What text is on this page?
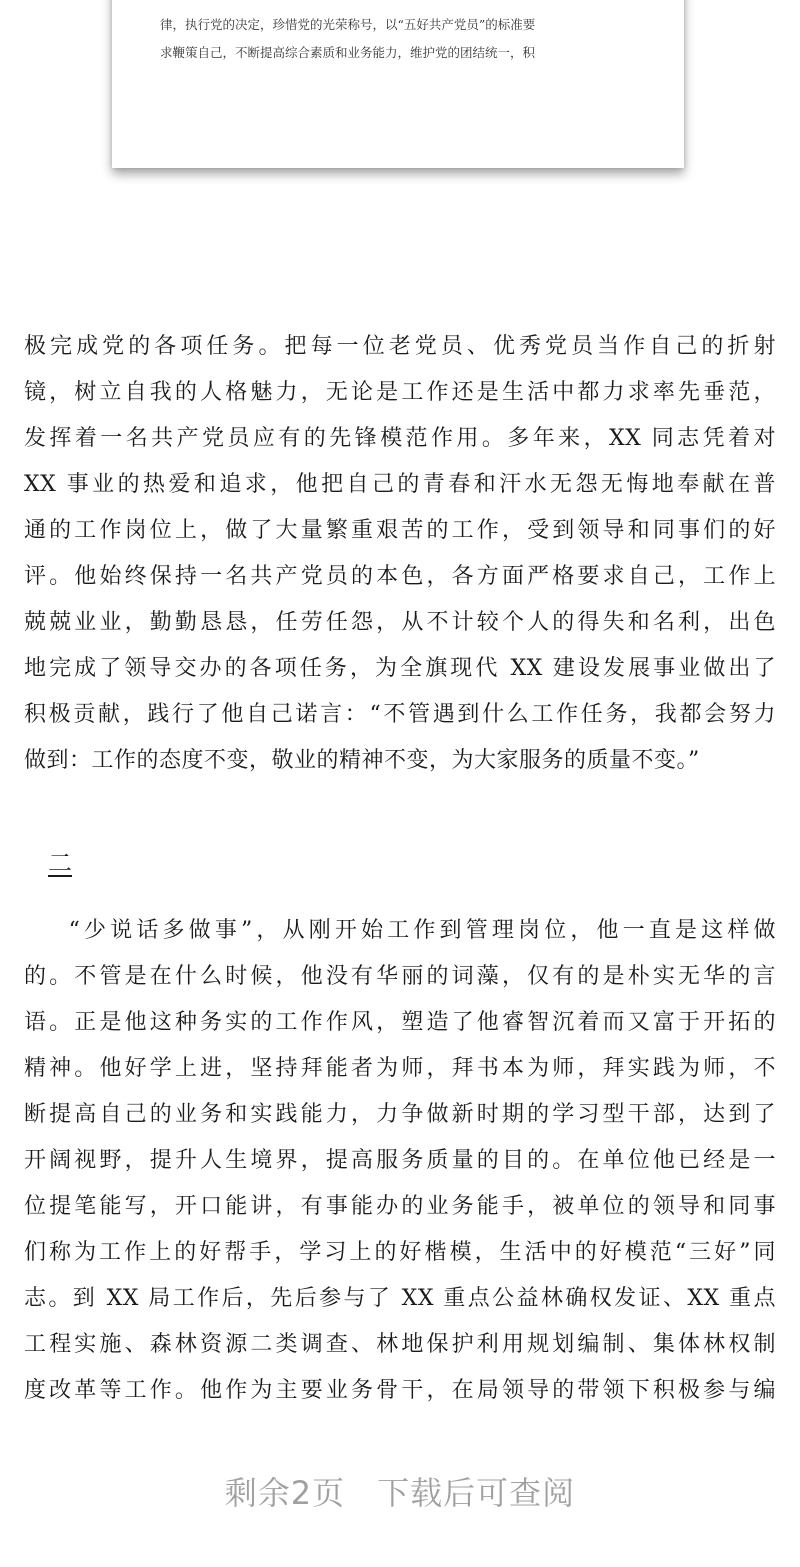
律，执行党的决定，珍惜党的光荣称号，以“五好共产党员”的标准要
求鞭策自己，不断提高综合素质和业务能力，维护党的团结统一，积
极完成党的各项任务。把每一位老党员、优秀党员当作自己的折射
镜，树立自我的人格魅力，无论是工作还是生活中都力求率先垂范，
发挥着一名共产党员应有的先锋模范作用。多年来，XX 同志凭着对
XX 事业的热爱和追求，他把自己的青春和汗水无怨无悔地奉献在普
通的工作岗位上，做了大量繁重艰苦的工作，受到领导和同事们的好
评。他始终保持一名共产党员的本色，各方面严格要求自己，工作上
兢兢业业，勤勤恳恳，任劳任怨，从不计较个人的得失和名利，出色
地完成了领导交办的各项任务，为全旗现代 XX 建设发展事业做出了
积极贡献，践行了他自己诺言：“不管遇到什么工作任务，我都会努力
做到：工作的态度不变，敬业的精神不变，为大家服务的质量不变。”
二
“少说话多做事”，从刚开始工作到管理岗位，他一直是这样做
的。不管是在什么时候，他没有华丽的词藻，仅有的是朴实无华的言
语。正是他这种务实的工作作风，塑造了他睿智沉着而又富于开拓的
精神。他好学上进，坚持拜能者为师，拜书本为师，拜实践为师，不
断提高自己的业务和实践能力，力争做新时期的学习型干部，达到了
开阔视野，提升人生境界，提高服务质量的目的。在单位他已经是一
位提笔能写，开口能讲，有事能办的业务能手，被单位的领导和同事
们称为工作上的好帮手，学习上的好楷模，生活中的好模范“三好”同
志。到 XX 局工作后，先后参与了 XX 重点公益林确权发证、XX 重点
工程实施、森林资源二类调查、林地保护利用规划编制、集体林权制
度改革等工作。他作为主要业务骨干，在局领导的带领下积极参与编
剩余2页 下载后可查阅
